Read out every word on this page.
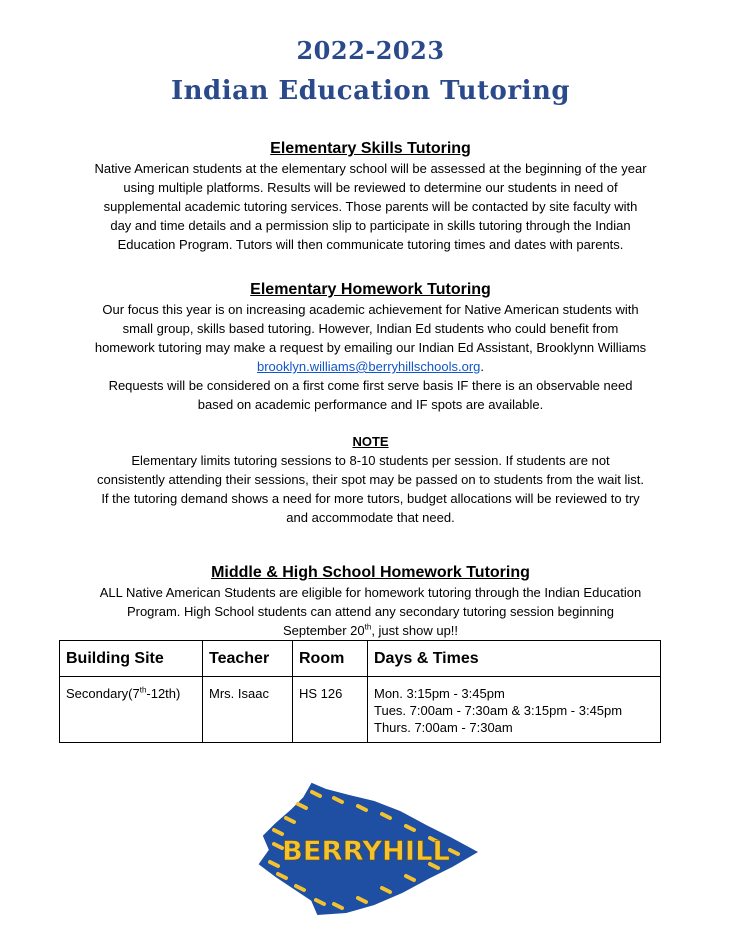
2022-2023
Indian Education Tutoring

Elementary Skills Tutoring

Native American students at the elementary school will be assessed at the beginning of the year

using multiple platforms. Results will be reviewed to determine our students in need of

supplemental academic tutoring services. Those parents will be contacted by site faculty with

day and time details and a permission slip to participate in skills tutoring through the Indian

Education Program. Tutors will then communicate tutoring times and dates with parents.

Elementary Homework Tutoring

Our focus this year is on increasing academic achievement for Native American students with

small group, skills based tutoring. However, Indian Ed students who could benefit from

homework tutoring may make a request by emailing our Indian Ed Assistant, Brooklynn Williams

brooklyn.williams@berryhillschools.org.

Requests will be considered on a first come first serve basis IF there is an observable need

based on academic performance and IF spots are available.

NOTE

Elementary limits tutoring sessions to 8-10 students per session. If students are not

consistently attending their sessions, their spot may be passed on to students from the wait list.

If the tutoring demand shows a need for more tutors, budget allocations will be reviewed to try

and accommodate that need.

Middle & High School Homework Tutoring

ALL Native American Students are eligible for homework tutoring through the Indian Education

Program. High School students can attend any secondary tutoring session beginning

September 20th, just show up!!

Building Site	Teacher	Room	Days & Times
Secondary(7th-12th)	Mrs. Isaac	HS 126	Mon. 3:15pm - 3:45pm
Tues. 7:00am - 7:30am & 3:15pm - 3:45pm
Thurs. 7:00am - 7:30am
BERRYHILL
